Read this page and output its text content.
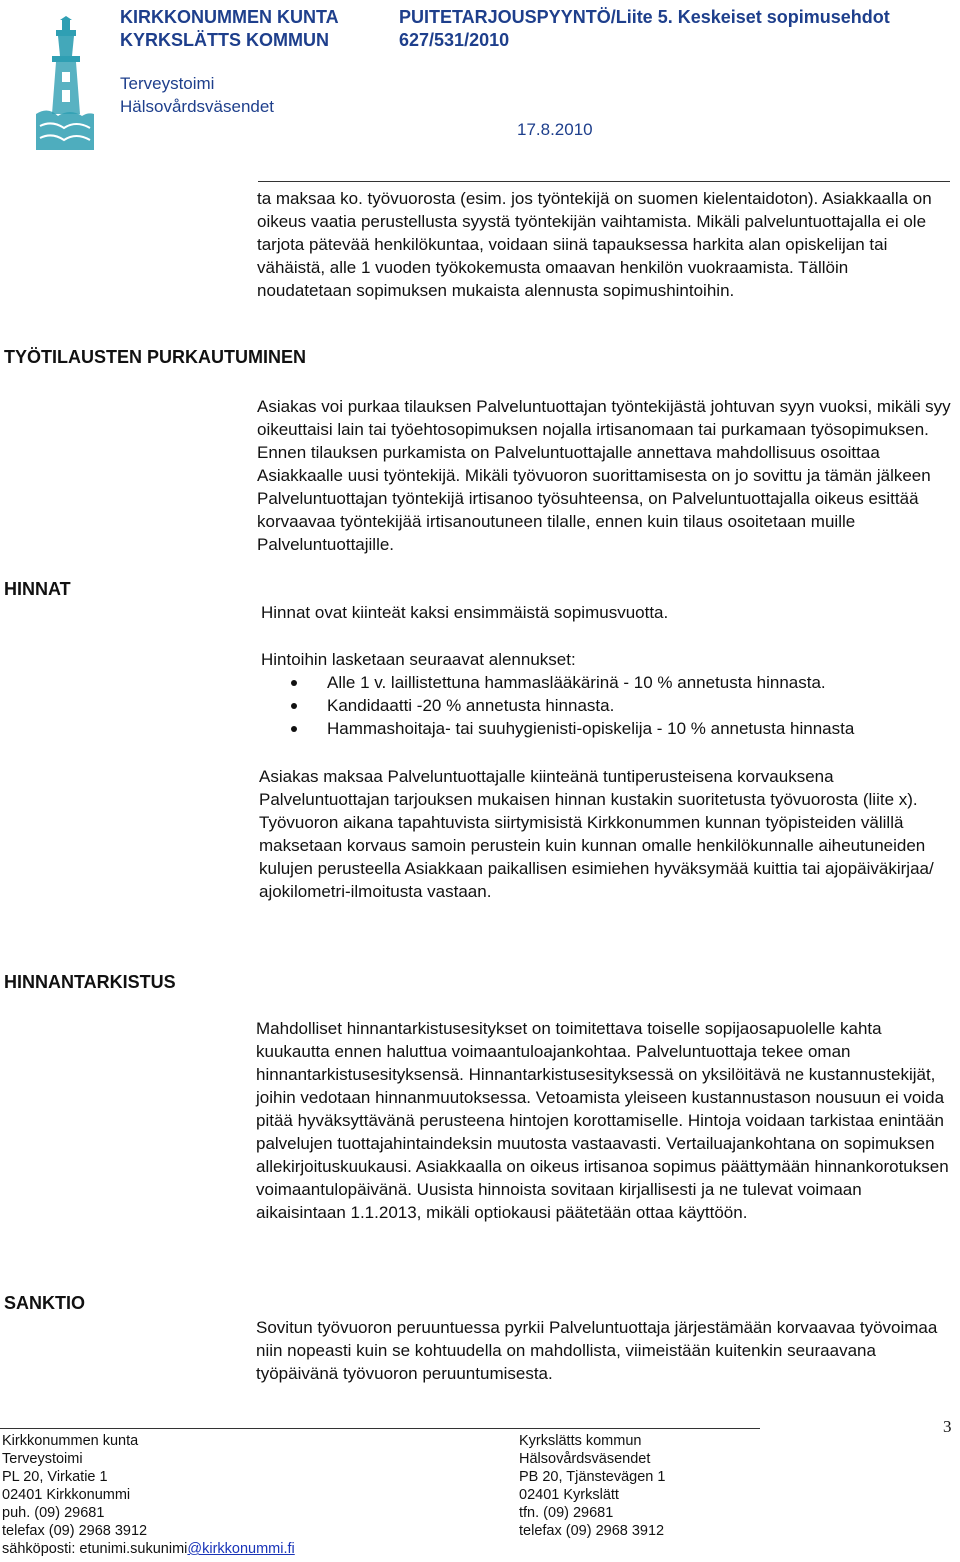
KIRKKONUMMEN KUNTA	PUITETARJOUSPYYNTÖ/Liite 5. Keskeiset sopimusehdot
KYRKSLÄTTS KOMMUN	627/531/2010
Terveystoimi
Hälsovårdsväsendet
17.8.2010

ta maksaa ko. työvuorosta (esim. jos työntekijä on suomen kielentaidoton). Asiakkaalla on oikeus vaatia perustellusta syystä työntekijän vaihtamista. Mikäli palveluntuottajalla ei ole tarjota pätevää henkilökuntaa, voidaan siinä tapauksessa harkita alan opiskelijan tai vähäistä, alle 1 vuoden työkokemusta omaavan henkilön vuokraamista. Tällöin noudatetaan sopimuksen mukaista alennusta sopimushintoihin.

TYÖTILAUSTEN PURKAUTUMINEN

Asiakas voi purkaa tilauksen Palveluntuottajan työntekijästä johtuvan syyn vuoksi, mikäli syy oikeuttaisi lain tai työehtosopimuksen nojalla irtisanomaan tai purkamaan työsopimuksen. Ennen tilauksen purkamista on Palveluntuottajalle annettava mahdollisuus osoittaa Asiakkaalle uusi työntekijä. Mikäli työvuoron suorittamisesta on jo sovittu ja tämän jälkeen Palveluntuottajan työntekijä irtisanoo työsuhteensa, on Palveluntuottajalla oikeus esittää korvaavaa työntekijää irtisanoutuneen tilalle, ennen kuin tilaus osoitetaan muille Palveluntuottajille.

HINNAT

Hinnat ovat kiinteät kaksi ensimmäistä sopimusvuotta.

Hintoihin lasketaan seuraavat alennukset:

Alle 1 v. laillistettuna hammaslääkärinä - 10 % annetusta hinnasta.
Kandidaatti -20 % annetusta hinnasta.
Hammashoitaja- tai suuhygienisti-opiskelija - 10 % annetusta hinnasta

Asiakas maksaa Palveluntuottajalle kiinteänä tuntiperusteisena korvauksena Palveluntuottajan tarjouksen mukaisen hinnan kustakin suoritetusta työvuorosta (liite x).

Työvuoron aikana tapahtuvista siirtymisistä Kirkkonummen kunnan työpisteiden välillä maksetaan korvaus samoin perustein kuin kunnan omalle henkilökunnalle aiheutuneiden kulujen perusteella Asiakkaan paikallisen esimiehen hyväksymää kuittia tai ajopäiväkirjaa/ ajokilometri-ilmoitusta vastaan.

HINNANTARKISTUS

Mahdolliset hinnantarkistusesitykset on toimitettava toiselle sopijaosapuolelle kahta kuukautta ennen haluttua voimaantuloajankohtaa. Palveluntuottaja tekee oman hinnantarkistusesityksensä. Hinnantarkistusesityksessä on yksilöitävä ne kustannustekijät, joihin vedotaan hinnanmuutoksessa. Vetoamista yleiseen kustannustason nousuun ei voida pitää hyväksyttävänä perusteena hintojen korottamiselle. Hintoja voidaan tarkistaa enintään palvelujen tuottajahintaindeksin muutosta vastaavasti. Vertailuajankohtana on sopimuksen allekirjoituskuukausi. Asiakkaalla on oikeus irtisanoa sopimus päättymään hinnankorotuksen voimaantulopäivänä. Uusista hinnoista sovitaan kirjallisesti ja ne tulevat voimaan aikaisintaan 1.1.2013, mikäli optiokausi päätetään ottaa käyttöön.

SANKTIO

Sovitun työvuoron peruuntuessa pyrkii Palveluntuottaja järjestämään korvaavaa työvoimaa niin nopeasti kuin se kohtuudella on mahdollista, viimeistään kuitenkin seuraavana työpäivänä työvuoron peruuntumisesta.

Kirkkonummen kunta
Terveystoimi
PL 20, Virkatie 1
02401 Kirkkonummi
puh. (09) 29681
telefax (09) 2968 3912
sähköposti: etunimi.sukunimi@kirkkonummi.fi
Kyrkslätts kommun
Hälsovårdsväsendet
PB 20, Tjänstevägen 1
02401 Kyrkslätt
tfn. (09) 29681
telefax (09) 2968 3912
3
